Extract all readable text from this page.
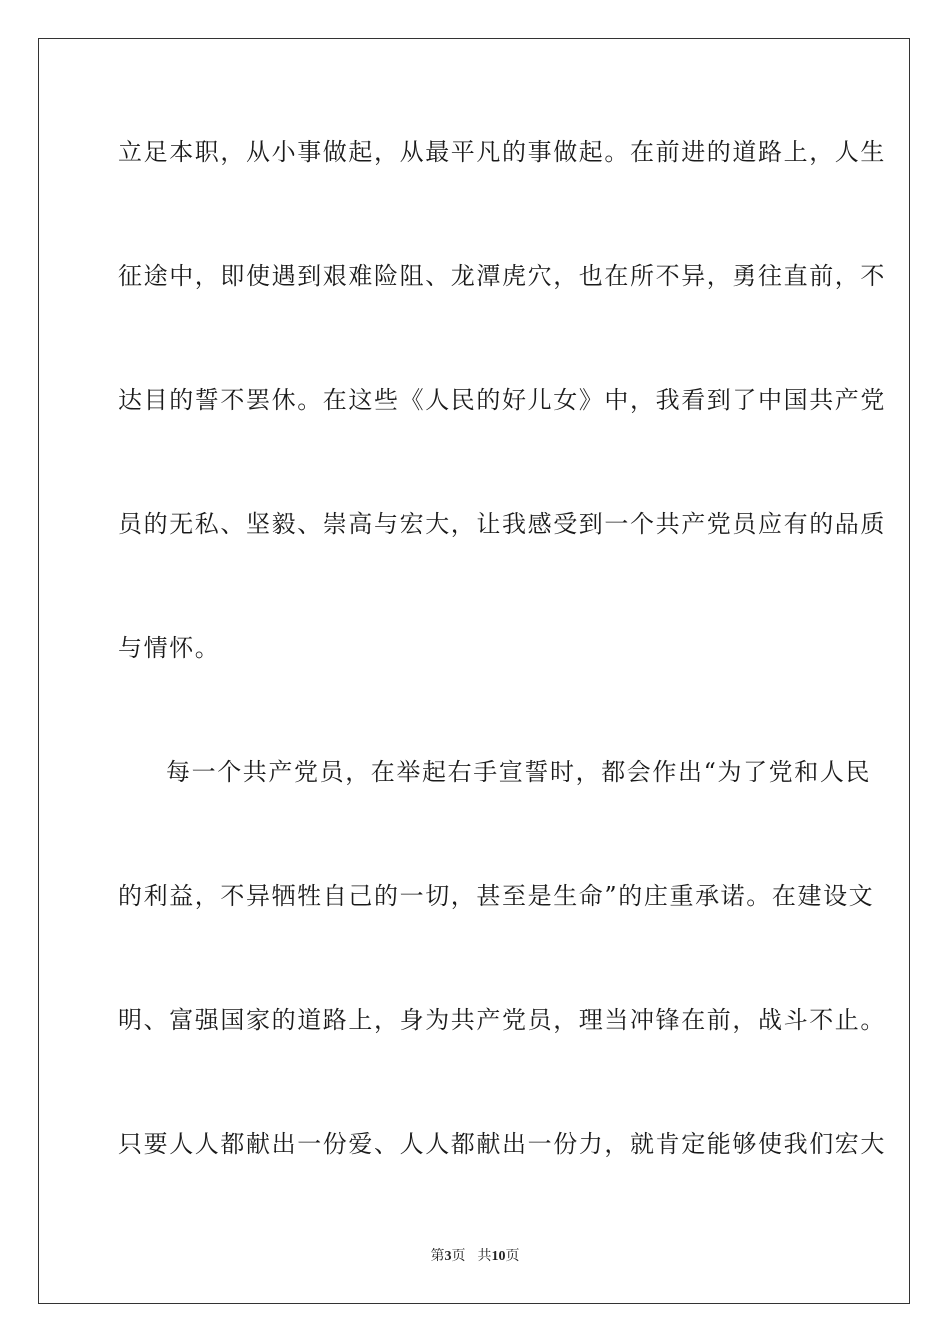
立足本职，从小事做起，从最平凡的事做起。在前进的道路上，人生
征途中，即使遇到艰难险阻、龙潭虎穴，也在所不异，勇往直前，不
达目的誓不罢休。在这些《人民的好儿女》中，我看到了中国共产党
员的无私、坚毅、崇高与宏大，让我感受到一个共产党员应有的品质
与情怀。
每一个共产党员，在举起右手宣誓时，都会作出“为了党和人民
的利益，不异牺牲自己的一切，甚至是生命”的庄重承诺。在建设文
明、富强国家的道路上，身为共产党员，理当冲锋在前，战斗不止。
只要人人都献出一份爱、人人都献出一份力，就肯定能够使我们宏大
第3页 共10页
